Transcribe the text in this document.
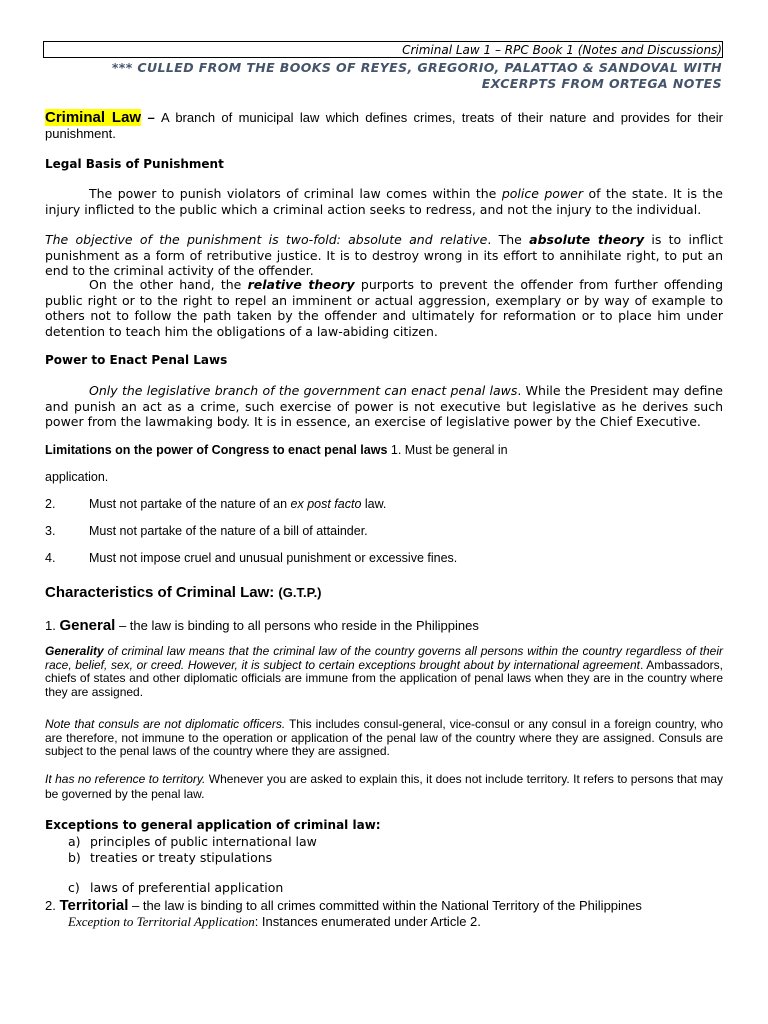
Criminal Law 1 – RPC Book 1 (Notes and Discussions)
*** CULLED FROM THE BOOKS OF REYES, GREGORIO, PALATTAO & SANDOVAL WITH
EXCERPTS FROM ORTEGA NOTES
Criminal Law – A branch of municipal law which defines crimes, treats of their nature and provides for their punishment.
Legal Basis of Punishment
The power to punish violators of criminal law comes within the police power of the state. It is the injury inflicted to the public which a criminal action seeks to redress, and not the injury to the individual.
The objective of the punishment is two-fold: absolute and relative. The absolute theory is to inflict punishment as a form of retributive justice. It is to destroy wrong in its effort to annihilate right, to put an end to the criminal activity of the offender.
On the other hand, the relative theory purports to prevent the offender from further offending public right or to the right to repel an imminent or actual aggression, exemplary or by way of example to others not to follow the path taken by the offender and ultimately for reformation or to place him under detention to teach him the obligations of a law-abiding citizen.
Power to Enact Penal Laws
Only the legislative branch of the government can enact penal laws. While the President may define and punish an act as a crime, such exercise of power is not executive but legislative as he derives such power from the lawmaking body. It is in essence, an exercise of legislative power by the Chief Executive.
Limitations on the power of Congress to enact penal laws 1. Must be general in
application.
2.	Must not partake of the nature of an ex post facto law.
3.	Must not partake of the nature of a bill of attainder.
4.	Must not impose cruel and unusual punishment or excessive fines.
Characteristics of Criminal Law: (G.T.P.)
1. General – the law is binding to all persons who reside in the Philippines
Generality of criminal law means that the criminal law of the country governs all persons within the country regardless of their race, belief, sex, or creed. However, it is subject to certain exceptions brought about by international agreement. Ambassadors, chiefs of states and other diplomatic officials are immune from the application of penal laws when they are in the country where they are assigned.
Note that consuls are not diplomatic officers. This includes consul-general, vice-consul or any consul in a foreign country, who are therefore, not immune to the operation or application of the penal law of the country where they are assigned. Consuls are subject to the penal laws of the country where they are assigned.
It has no reference to territory. Whenever you are asked to explain this, it does not include territory. It refers to persons that may be governed by the penal law.
Exceptions to general application of criminal law:
a) principles of public international law
b) treaties or treaty stipulations
c) laws of preferential application
2. Territorial – the law is binding to all crimes committed within the National Territory of the Philippines
Exception to Territorial Application: Instances enumerated under Article 2.
